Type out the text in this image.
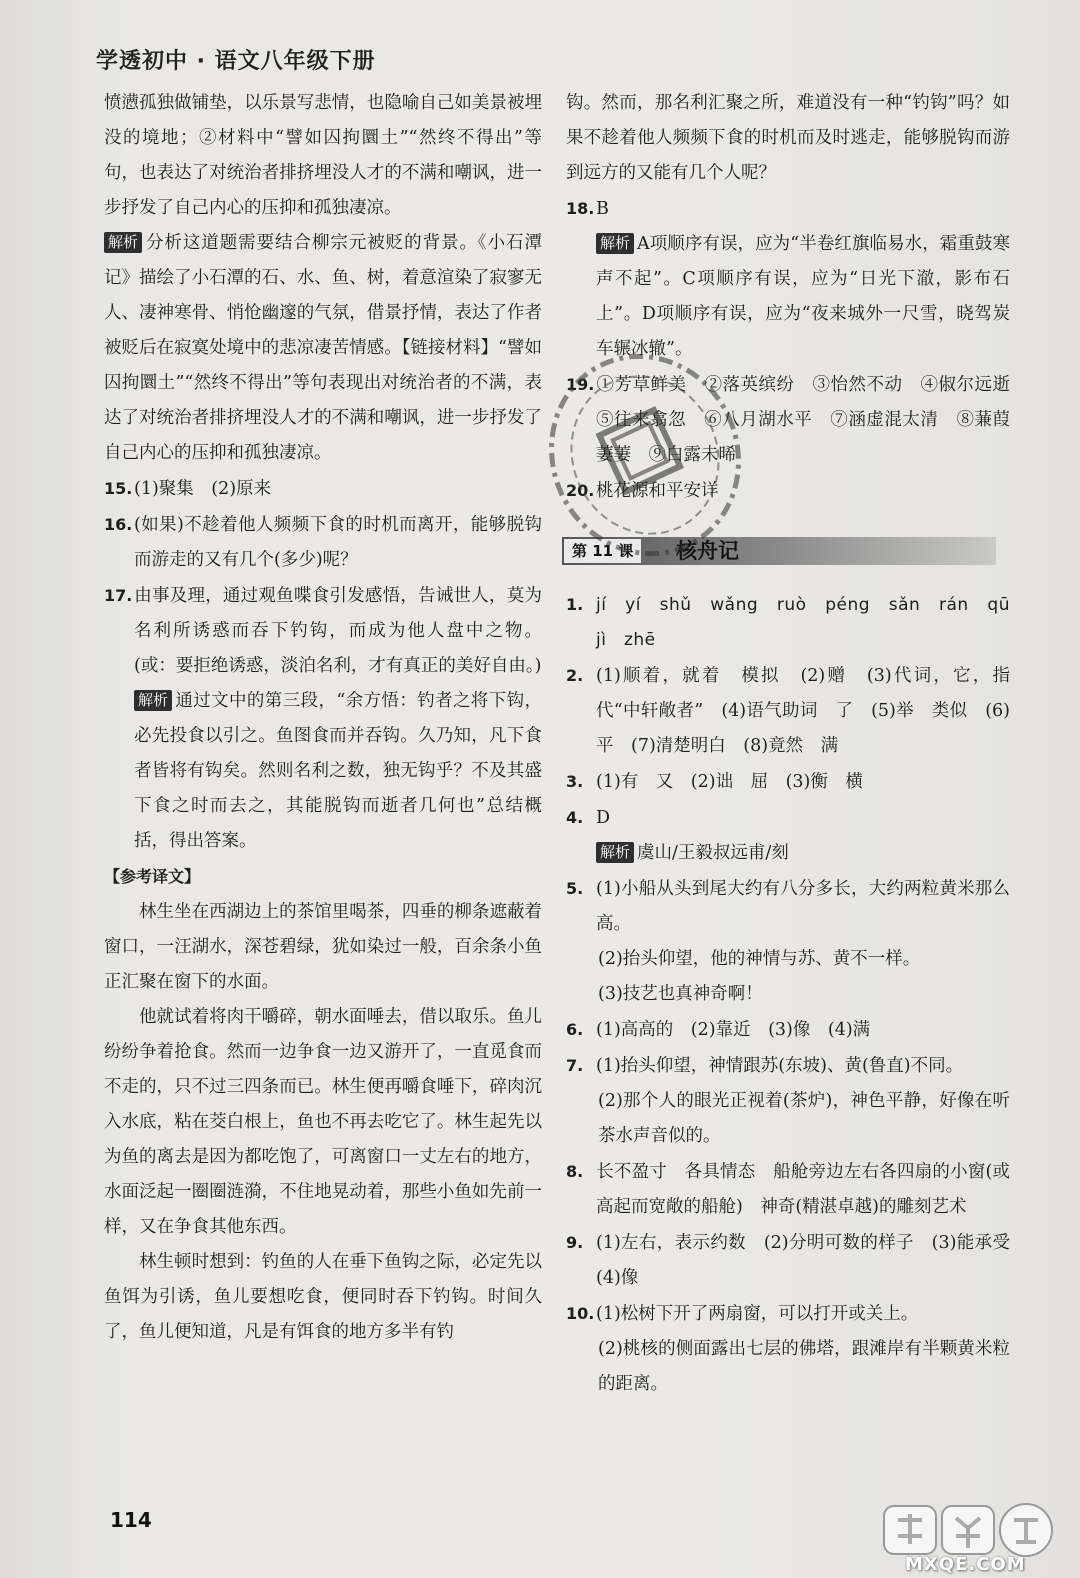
学透初中 · 语文八年级下册

愤懑孤独做铺垫，以乐景写悲情，也隐喻自己如美景被埋没的境地；②材料中“譬如囚拘圜土”“然终不得出”等句，也表达了对统治者排挤埋没人才的不满和嘲讽，进一步抒发了自己内心的压抑和孤独凄凉。

解析 分析这道题需要结合柳宗元被贬的背景。《小石潭记》描绘了小石潭的石、水、鱼、树，着意渲染了寂寥无人、凄神寒骨、悄怆幽邃的气氛，借景抒情，表达了作者被贬后在寂寞处境中的悲凉凄苦情感。【链接材料】“譬如囚拘圜土”“然终不得出”等句表现出对统治者的不满，表达了对统治者排挤埋没人才的不满和嘲讽，进一步抒发了自己内心的压抑和孤独凄凉。

15.(1)聚集　(2)原来

16.(如果)不趁着他人频频下食的时机而离开，能够脱钩而游走的又有几个(多少)呢？

17.由事及理，通过观鱼喋食引发感悟，告诫世人，莫为名利所诱惑而吞下钓钩，而成为他人盘中之物。(或：要拒绝诱惑，淡泊名利，才有真正的美好自由。)

解析 通过文中的第三段，“余方悟：钓者之将下钩，必先投食以引之。鱼图食而并吞钩。久乃知，凡下食者皆将有钩矣。然则名利之数，独无钩乎？不及其盛下食之时而去之，其能脱钩而逝者几何也”总结概括，得出答案。

【参考译文】

林生坐在西湖边上的茶馆里喝茶，四垂的柳条遮蔽着窗口，一汪湖水，深苍碧绿，犹如染过一般，百余条小鱼正汇聚在窗下的水面。

他就试着将肉干嚼碎，朝水面唾去，借以取乐。鱼儿纷纷争着抢食。然而一边争食一边又游开了，一直觅食而不走的，只不过三四条而已。林生便再嚼食唾下，碎肉沉入水底，粘在茭白根上，鱼也不再去吃它了。林生起先以为鱼的离去是因为都吃饱了，可离窗口一丈左右的地方，水面泛起一圈圈涟漪，不住地晃动着，那些小鱼如先前一样，又在争食其他东西。

林生顿时想到：钓鱼的人在垂下鱼钩之际，必定先以鱼饵为引诱，鱼儿要想吃食，便同时吞下钓钩。时间久了，鱼儿便知道，凡是有饵食的地方多半有钓

钩。然而，那名利汇聚之所，难道没有一种“钓钩”吗？如果不趁着他人频频下食的时机而及时逃走，能够脱钩而游到远方的又能有几个人呢？

18.B

解析 A项顺序有误，应为“半卷红旗临易水，霜重鼓寒声不起”。C项顺序有误，应为“日光下澈，影布石上”。D项顺序有误，应为“夜来城外一尺雪，晓驾炭车辗冰辙”。

19.①芳草鲜美　②落英缤纷　③怡然不动　④俶尔远逝　⑤往来翕忽　⑥八月湖水平　⑦涵虚混太清　⑧蒹葭萋萋　⑨白露未晞

20.桃花源和平安详

第 11 课	核舟记

1. jí　yí　shǔ　wǎng　ruò　péng　sǎn　rán　qū　jì　zhē

2. (1)顺着，就着　模拟　(2)赠　(3)代词，它，指代“中轩敞者”　(4)语气助词　了　(5)举　类似　(6)平　(7)清楚明白　(8)竟然　满

3. (1)有　又　(2)诎　屈　(3)衡　横

4. D

解析 虞山/王毅叔远甫/刻

5. (1)小船从头到尾大约有八分多长，大约两粒黄米那么高。

(2)抬头仰望，他的神情与苏、黄不一样。

(3)技艺也真神奇啊！

6. (1)高高的　(2)靠近　(3)像　(4)满

7. (1)抬头仰望，神情跟苏(东坡)、黄(鲁直)不同。

(2)那个人的眼光正视着(茶炉)，神色平静，好像在听茶水声音似的。

8. 长不盈寸　各具情态　船舱旁边左右各四扇的小窗(或高起而宽敞的船舱)　神奇(精湛卓越)的雕刻艺术

9. (1)左右，表示约数　(2)分明可数的样子　(3)能承受　(4)像

10.(1)松树下开了两扇窗，可以打开或关上。

(2)桃核的侧面露出七层的佛塔，跟滩岸有半颗黄米粒的距离。

114
MXQE.COM
